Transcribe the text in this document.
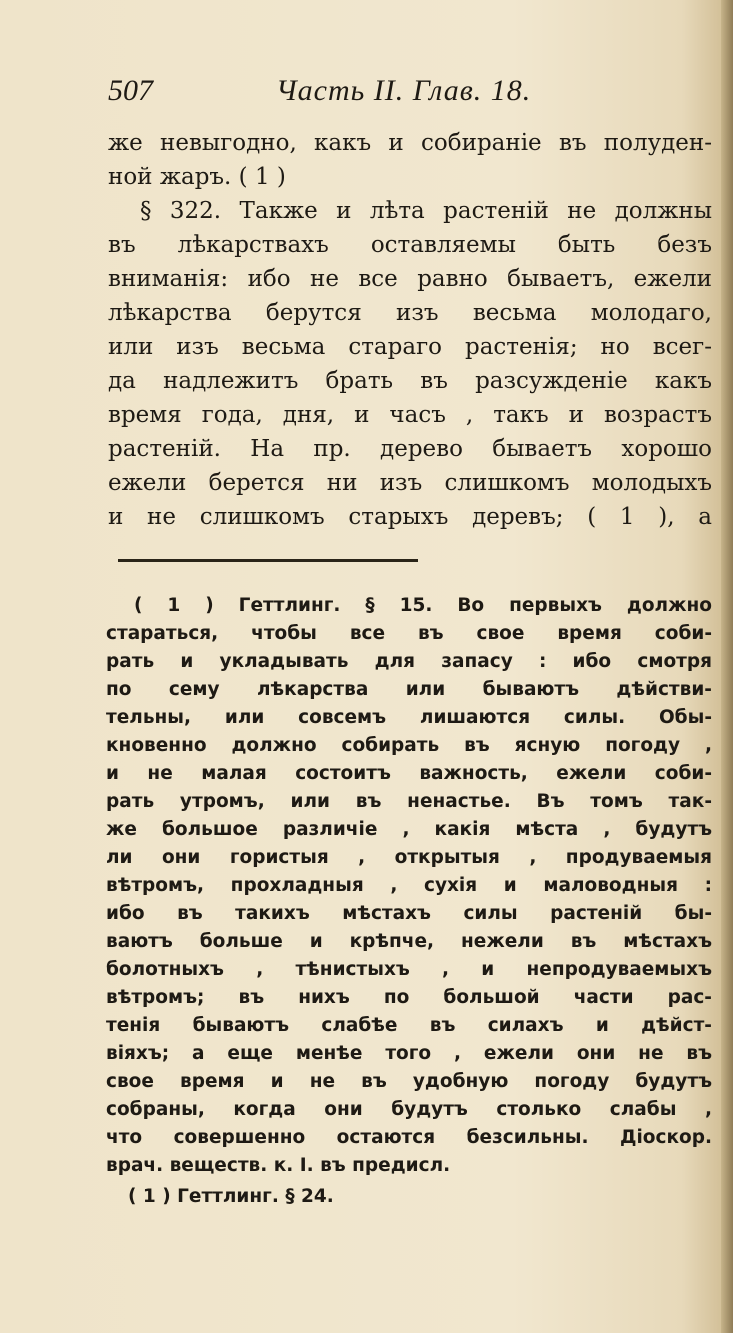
507	Часть II. Глав. 18.
же невыгодно, какъ и собиранiе въ полуден-
ной жаръ. ( 1 )
§ 322. Также и лѣта растенiй не должны
въ лѣкарствахъ оставляемы быть безъ
вниманiя: ибо не все равно бываетъ, ежели
лѣкарства берутся изъ весьма молодаго,
или изъ весьма стараго растенiя; но всег-
да надлежитъ брать въ разсужденiе какъ
время года, дня, и часъ , такъ и возрастъ
растенiй. На пр. дерево бываетъ хорошо
ежели берется ни изъ слишкомъ молодыхъ
и не слишкомъ старыхъ деревъ; ( 1 ), а
( 1 ) Геттлинг. § 15. Во первыхъ должно
стараться, чтобы все въ свое время соби-
рать и укладывать для запасу : ибо смотря
по сему лѣкарства или бываютъ дѣйстви-
тельны, или совсемъ лишаются силы. Обы-
кновенно должно собирать въ ясную погоду ,
и не малая состоитъ важность, ежели соби-
рать утромъ, или въ ненастье. Въ томъ так-
же большое различiе , какiя мѣста , будутъ
ли они гористыя , открытыя , продуваемыя
вѣтромъ, прохладныя , сухiя и маловодныя :
ибо въ такихъ мѣстахъ силы растенiй бы-
ваютъ больше и крѣпче, нежели въ мѣстахъ
болотныхъ , тѣнистыхъ , и непродуваемыхъ
вѣтромъ; въ нихъ по большой части рас-
тенiя бываютъ слабѣе въ силахъ и дѣйст-
вiяхъ; а еще менѣе того , ежели они не въ
свое время и не въ удобную погоду будутъ
собраны, когда они будутъ столько слабы ,
что совершенно остаются безсильны. Дiоскор.
врач. веществ. к. I. въ предисл.
( 1 ) Геттлинг. § 24.
